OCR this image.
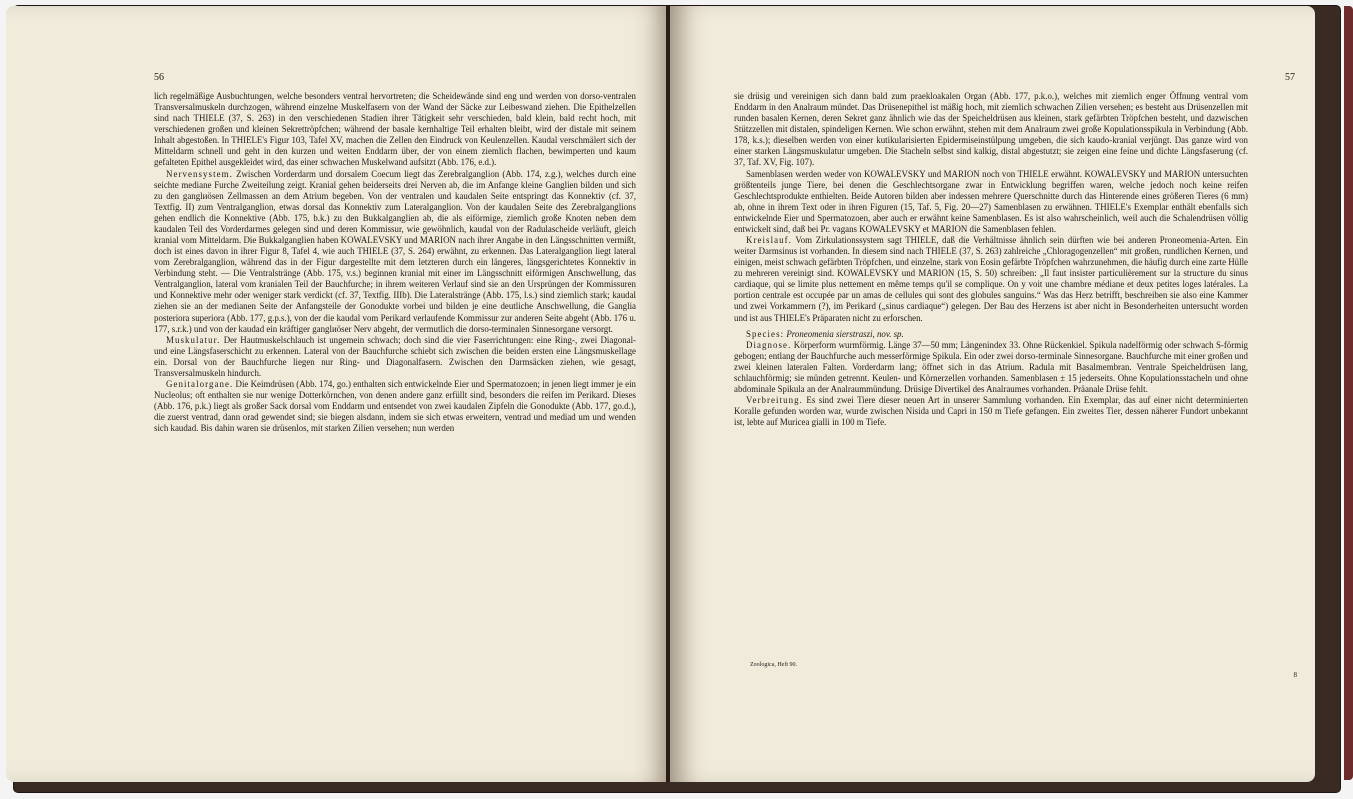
56

lich regelmäßige Ausbuchtungen, welche besonders ventral hervortreten; die Scheidewände sind eng und werden von dorso-ventralen Transversalmuskeln durchzogen, während einzelne Muskelfasern von der Wand der Säcke zur Leibeswand ziehen. Die Epithelzellen sind nach THIELE (37, S. 263) in den verschiedenen Stadien ihrer Tätigkeit sehr verschieden, bald klein, bald recht hoch, mit verschiedenen großen und kleinen Sekrettröpfchen; während der basale kernhaltige Teil erhalten bleibt, wird der distale mit seinem Inhalt abgestoßen. In THIELE's Figur 103, Tafel XV, machen die Zellen den Eindruck von Keulenzellen. Kaudal verschmälert sich der Mitteldarm schnell und geht in den kurzen und weiten Enddarm über, der von einem ziemlich flachen, bewimperten und kaum gefalteten Epithel ausgekleidet wird, das einer schwachen Muskelwand aufsitzt (Abb. 176, e.d.).

Nervensystem. Zwischen Vorderdarm und dorsalem Coecum liegt das Zerebralganglion (Abb. 174, z.g.), welches durch eine seichte mediane Furche Zweiteilung zeigt. Kranial gehen beiderseits drei Nerven ab, die im Anfange kleine Ganglien bilden und sich zu den ganglиösen Zellmassen an dem Atrium begeben. Von der ventralen und kaudalen Seite entspringt das Konnektiv (cf. 37, Textfig. II) zum Ventralganglion, etwas dorsal das Konnektiv zum Lateralganglion. Von der kaudalen Seite des Zerebralganglions gehen endlich die Konnektive (Abb. 175, b.k.) zu den Bukkalganglien ab, die als eiförmige, ziemlich große Knoten neben dem kaudalen Teil des Vorderdarmes gelegen sind und deren Kommissur, wie gewöhnlich, kaudal von der Radulascheide verläuft, gleich kranial vom Mitteldarm. Die Bukkalganglien haben KOWALEVSKY und MARION nach ihrer Angabe in den Längsschnitten vermißt, doch ist eines davon in ihrer Figur 8, Tafel 4, wie auch THIELE (37, S. 264) erwähnt, zu erkennen. Das Lateralganglion liegt lateral vom Zerebralganglion, während das in der Figur dargestellte mit dem letzteren durch ein längeres, längsgerichtetes Konnektiv in Verbindung steht. — Die Ventralstränge (Abb. 175, v.s.) beginnen kranial mit einer im Längsschnitt eiförmigen Anschwellung, das Ventralganglion, lateral vom kranialen Teil der Bauchfurche; in ihrem weiteren Verlauf sind sie an den Ursprüngen der Kommissuren und Konnektive mehr oder weniger stark verdickt (cf. 37, Textfig. IIIb). Die Lateralstränge (Abb. 175, l.s.) sind ziemlich stark; kaudal ziehen sie an der medianen Seite der Anfangsteile der Gonodukte vorbei und bilden je eine deutliche Anschwellung, die Ganglia posteriora superiora (Abb. 177, g.p.s.), von der die kaudal vom Perikard verlaufende Kommissur zur anderen Seite abgeht (Abb. 176 u. 177, s.r.k.) und von der kaudad ein kräftiger ganglиöser Nerv abgeht, der vermutlich die dorso-terminalen Sinnesorgane versorgt.

Muskulatur. Der Hautmuskelschlauch ist ungemein schwach; doch sind die vier Faserrichtungen: eine Ring-, zwei Diagonal- und eine Längsfaserschicht zu erkennen. Lateral von der Bauchfurche schiebt sich zwischen die beiden ersten eine Längsmuskellage ein. Dorsal von der Bauchfurche liegen nur Ring- und Diagonalfasern. Zwischen den Darmsäcken ziehen, wie gesagt, Transversalmuskeln hindurch.

Genitalorgane. Die Keimdrüsen (Abb. 174, go.) enthalten sich entwickelnde Eier und Spermatozoen; in jenen liegt immer je ein Nucleolus; oft enthalten sie nur wenige Dotterkörnchen, von denen andere ganz erfüllt sind, besonders die reifen im Perikard. Dieses (Abb. 176, p.k.) liegt als großer Sack dorsal vom Enddarm und entsendet von zwei kaudalen Zipfeln die Gonodukte (Abb. 177, go.d.), die zuerst ventrad, dann orad gewendet sind; sie biegen alsdann, indem sie sich etwas erweitern, ventrad und mediad um und wenden sich kaudad. Bis dahin waren sie drüsenlos, mit starken Zilien versehen; nun werden

57

sie drüsig und vereinigen sich dann bald zum praekloakalen Organ (Abb. 177, p.k.o.), welches mit ziemlich enger Öffnung ventral vom Enddarm in den Analraum mündet. Das Drüsenepithel ist mäßig hoch, mit ziemlich schwachen Zilien versehen; es besteht aus Drüsenzellen mit runden basalen Kernen, deren Sekret ganz ähnlich wie das der Speicheldrüsen aus kleinen, stark gefärbten Tröpfchen besteht, und dazwischen Stützzellen mit distalen, spindeligen Kernen. Wie schon erwähnt, stehen mit dem Analraum zwei große Kopulationsspikula in Verbindung (Abb. 178, k.s.); dieselben werden von einer kutikularisierten Epidermiseinstülpung umgeben, die sich kaudo-kranial verjüngt. Das ganze wird von einer starken Längsmuskulatur umgeben. Die Stacheln selbst sind kalkig, distal abgestutzt; sie zeigen eine feine und dichte Längsfaserung (cf. 37, Taf. XV, Fig. 107).

Samenblasen werden weder von KOWALEVSKY und MARION noch von THIELE erwähnt. KOWALEVSKY und MARION untersuchten größtenteils junge Tiere, bei denen die Geschlechtsorgane zwar in Entwicklung begriffen waren, welche jedoch noch keine reifen Geschlechtsprodukte enthielten. Beide Autoren bilden aber indessen mehrere Querschnitte durch das Hinterende eines größeren Tieres (6 mm) ab, ohne in ihrem Text oder in ihren Figuren (15, Taf. 5, Fig. 20—27) Samenblasen zu erwähnen. THIELE's Exemplar enthält ebenfalls sich entwickelnde Eier und Spermatozoen, aber auch er erwähnt keine Samenblasen. Es ist also wahrscheinlich, weil auch die Schalendrüsen völlig entwickelt sind, daß bei Pr. vagans KOWALEVSKY et MARION die Samenblasen fehlen.

Kreislauf. Vom Zirkulationssystem sagt THIELE, daß die Verhältnisse ähnlich sein dürften wie bei anderen Proneomenia-Arten. Ein weiter Darmsinus ist vorhanden. In diesem sind nach THIELE (37, S. 263) zahlreiche „Chloragogenzellen“ mit großen, rundlichen Kernen, und einigen, meist schwach gefärbten Tröpfchen, und einzelne, stark von Eosin gefärbte Tröpfchen wahrzunehmen, die häufig durch eine zarte Hülle zu mehreren vereinigt sind. KOWALEVSKY und MARION (15, S. 50) schreiben: „Il faut insister particulièrement sur la structure du sinus cardiaque, qui se limite plus nettement en même temps qu'il se complique. On y voit une chambre médiane et deux petites loges latérales. La portion centrale est occupée par un amas de cellules qui sont des globules sanguins.“ Was das Herz betrifft, beschreiben sie also eine Kammer und zwei Vorkammern (?), im Perikard („sinus cardiaque“) gelegen. Der Bau des Herzens ist aber nicht in Besonderheiten untersucht worden und ist aus THIELE's Präparaten nicht zu erforschen.

Species: Proneomenia sierstraszi, nov. sp.

Diagnose. Körperform wurmförmig. Länge 37—50 mm; Längenindex 33. Ohne Rückenkiel. Spikula nadelförmig oder schwach S-förmig gebogen; entlang der Bauchfurche auch messerförmige Spikula. Ein oder zwei dorso-terminale Sinnesorgane. Bauchfurche mit einer großen und zwei kleinen lateralen Falten. Vorderdarm lang; öffnet sich in das Atrium. Radula mit Basalmembran. Ventrale Speicheldrüsen lang, schlauchförmig; sie münden getrennt. Keulen- und Körnerzellen vorhanden. Samenblasen ± 15 jederseits. Ohne Kopulationsstacheln und ohne abdominale Spikula an der Analraummündung. Drüsige Divertikel des Analraumes vorhanden. Präanale Drüse fehlt.

Verbreitung. Es sind zwei Tiere dieser neuen Art in unserer Sammlung vorhanden. Ein Exemplar, das auf einer nicht determinierten Koralle gefunden worden war, wurde zwischen Nisida und Capri in 150 m Tiefe gefangen. Ein zweites Tier, dessen näherer Fundort unbekannt ist, lebte auf Muricea gialli in 100 m Tiefe.

Zoologica, Heft 90.
8
